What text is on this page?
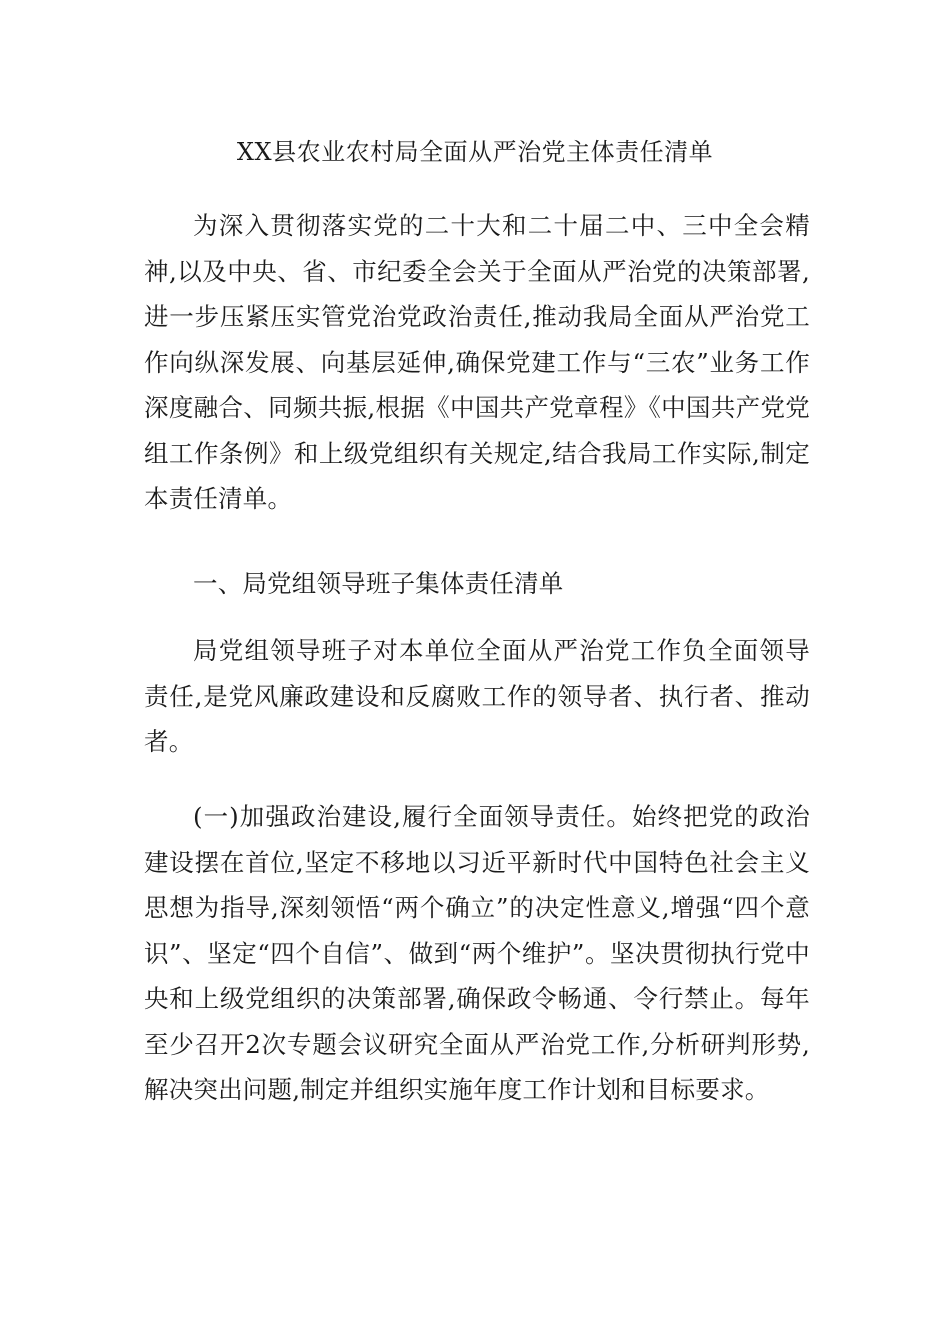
XX县农业农村局全面从严治党主体责任清单

为深入贯彻落实党的二十大和二十届二中、三中全会精神,以及中央、省、市纪委全会关于全面从严治党的决策部署,进一步压紧压实管党治党政治责任,推动我局全面从严治党工作向纵深发展、向基层延伸,确保党建工作与“三农”业务工作深度融合、同频共振,根据《中国共产党章程》《中国共产党党组工作条例》和上级党组织有关规定,结合我局工作实际,制定本责任清单。

一、局党组领导班子集体责任清单

局党组领导班子对本单位全面从严治党工作负全面领导责任,是党风廉政建设和反腐败工作的领导者、执行者、推动者。

(一)加强政治建设,履行全面领导责任。始终把党的政治建设摆在首位,坚定不移地以习近平新时代中国特色社会主义思想为指导,深刻领悟“两个确立”的决定性意义,增强“四个意识”、坚定“四个自信”、做到“两个维护”。坚决贯彻执行党中央和上级党组织的决策部署,确保政令畅通、令行禁止。每年至少召开2次专题会议研究全面从严治党工作,分析研判形势,解决突出问题,制定并组织实施年度工作计划和目标要求。
